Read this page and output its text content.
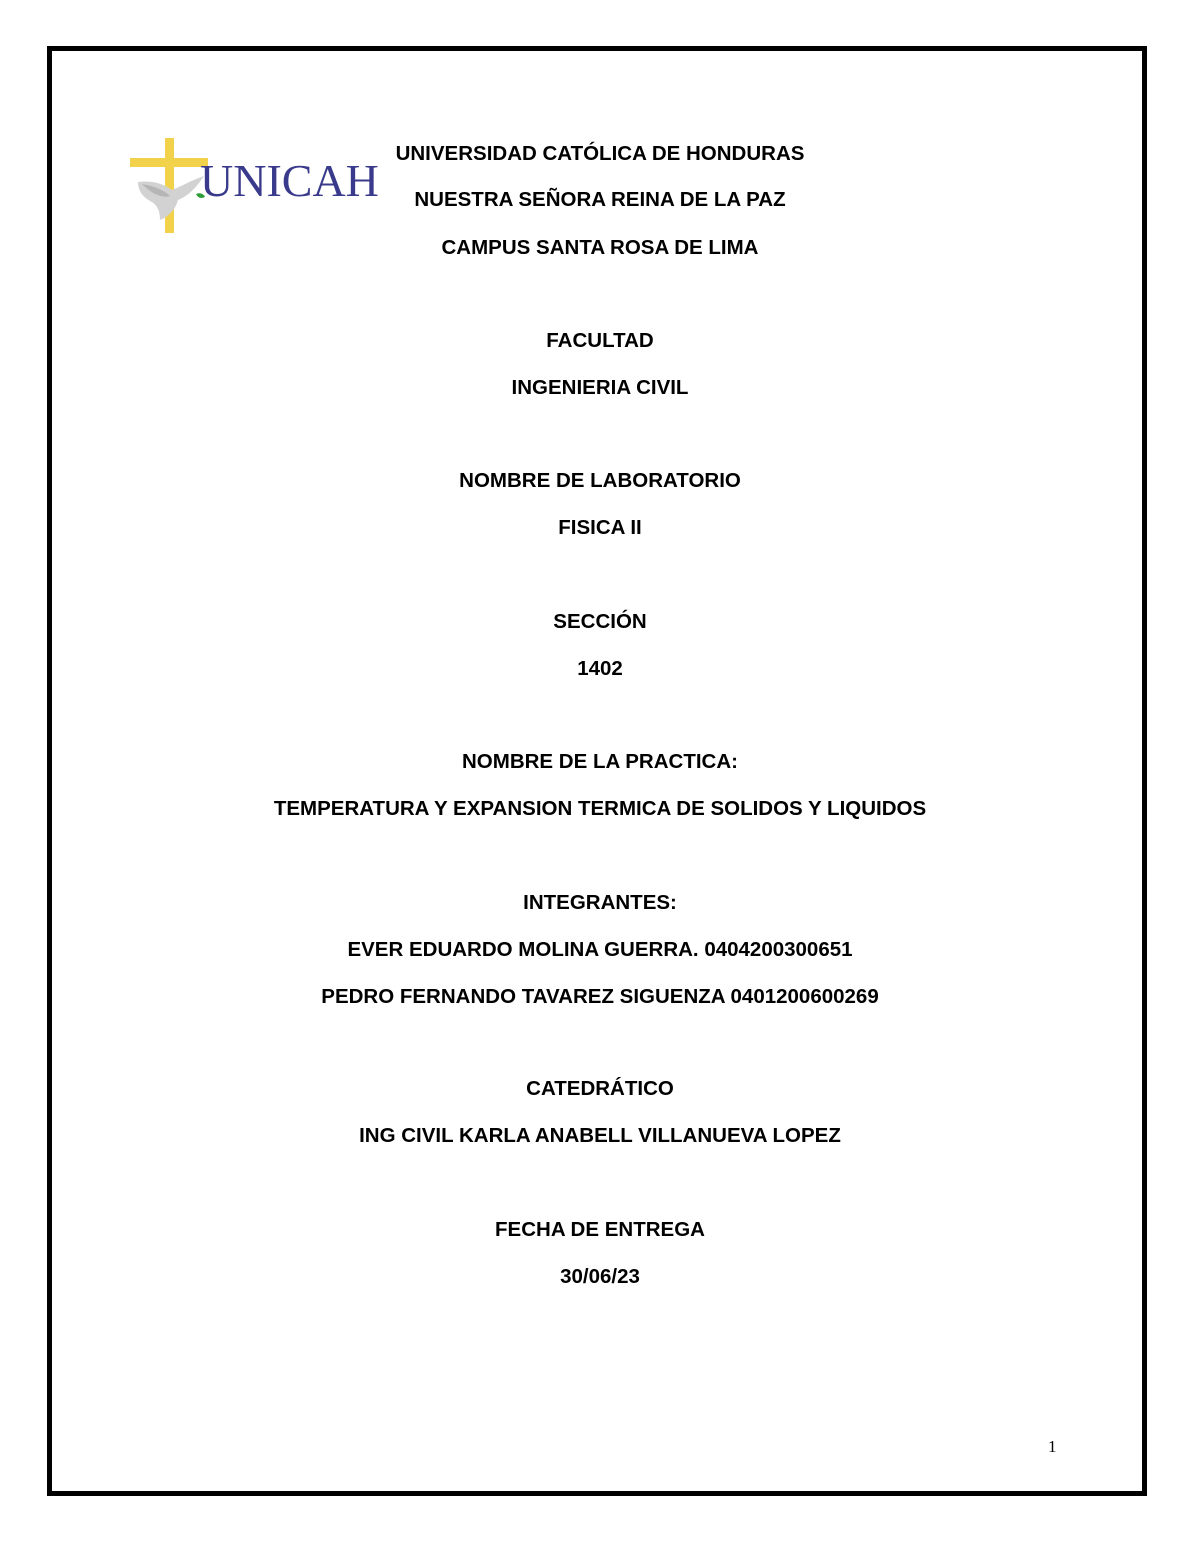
UNICAH
UNIVERSIDAD CATÓLICA DE HONDURAS
NUESTRA SEÑORA REINA DE LA PAZ
CAMPUS SANTA ROSA DE LIMA
FACULTAD
INGENIERIA CIVIL
NOMBRE DE LABORATORIO
FISICA II
SECCIÓN
1402
NOMBRE DE LA PRACTICA:
TEMPERATURA Y EXPANSION TERMICA DE SOLIDOS Y LIQUIDOS
INTEGRANTES:
EVER EDUARDO MOLINA GUERRA. 0404200300651
PEDRO FERNANDO TAVAREZ SIGUENZA 0401200600269
CATEDRÁTICO
ING CIVIL KARLA ANABELL VILLANUEVA LOPEZ
FECHA DE ENTREGA
30/06/23
1
